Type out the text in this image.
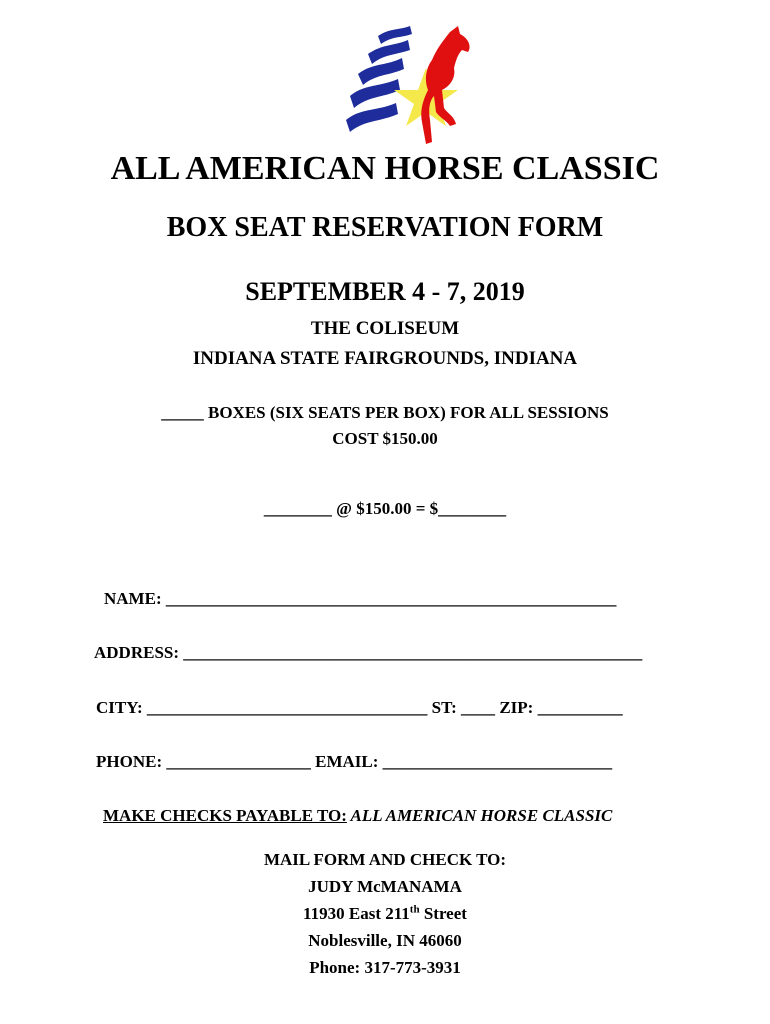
ALL AMERICAN HORSE CLASSIC
BOX SEAT RESERVATION FORM
SEPTEMBER 4 - 7, 2019
THE COLISEUM
INDIANA STATE FAIRGROUNDS, INDIANA
_____ BOXES (SIX SEATS PER BOX) FOR ALL SESSIONS
COST $150.00
________ @ $150.00 = $________
NAME: _____________________________________________________
ADDRESS: ______________________________________________________
CITY: _________________________________ ST: ____ ZIP: __________
PHONE: _________________ EMAIL: ___________________________
MAKE CHECKS PAYABLE TO: ALL AMERICAN HORSE CLASSIC
MAIL FORM AND CHECK TO:
JUDY McMANAMA
11930 East 211th Street
Noblesville, IN 46060
Phone: 317-773-3931
